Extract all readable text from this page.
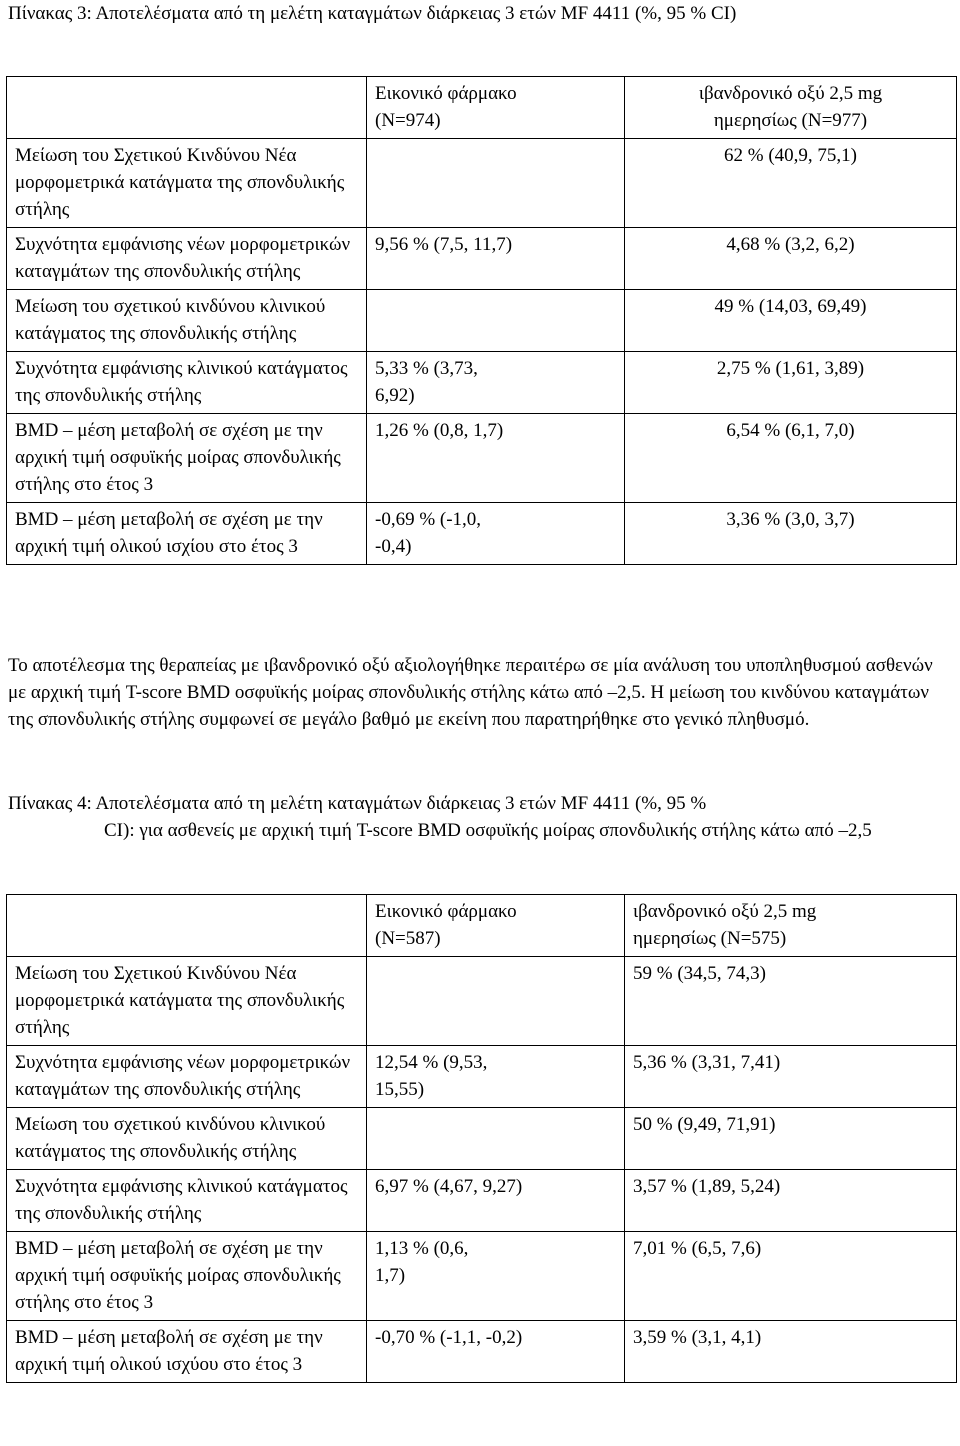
Πίνακας 3: Αποτελέσματα από τη μελέτη καταγμάτων διάρκειας 3 ετών MF 4411 (%, 95 % CI)

	Εικονικό φάρμακο (N=974)	ιβανδρονικό οξύ 2,5 mg ημερησίως (N=977)
Μείωση του Σχετικού Κινδύνου Νέα μορφομετρικά κατάγματα της σπονδυλικής στήλης		62 % (40,9, 75,1)
Συχνότητα εμφάνισης νέων μορφομετρικών καταγμάτων της σπονδυλικής στήλης	9,56 % (7,5, 11,7)	4,68 % (3,2, 6,2)
Μείωση του σχετικού κινδύνου κλινικού κατάγματος της σπονδυλικής στήλης		49 % (14,03, 69,49)
Συχνότητα εμφάνισης κλινικού κατάγματος της σπονδυλικής στήλης	5,33 % (3,73, 6,92)	2,75 % (1,61, 3,89)
BMD – μέση μεταβολή σε σχέση με την αρχική τιμή οσφυϊκής μοίρας σπονδυλικής στήλης στο έτος 3	1,26 % (0,8, 1,7)	6,54 % (6,1, 7,0)
BMD – μέση μεταβολή σε σχέση με την αρχική τιμή ολικού ισχίου στο έτος 3	-0,69 % (-1,0, -0,4)	3,36 % (3,0, 3,7)

Το αποτέλεσμα της θεραπείας με ιβανδρονικό οξύ αξιολογήθηκε περαιτέρω σε μία ανάλυση του υποπληθυσμού ασθενών με αρχική τιμή T-score BMD οσφυϊκής μοίρας σπονδυλικής στήλης κάτω από –2,5. Η μείωση του κινδύνου καταγμάτων της σπονδυλικής στήλης συμφωνεί σε μεγάλο βαθμό με εκείνη που παρατηρήθηκε στο γενικό πληθυσμό.

Πίνακας 4: Αποτελέσματα από τη μελέτη καταγμάτων διάρκειας 3 ετών MF 4411 (%, 95 %
CI): για ασθενείς με αρχική τιμή T-score BMD οσφυϊκής μοίρας σπονδυλικής στήλης κάτω από –2,5

	Εικονικό φάρμακο (N=587)	ιβανδρονικό οξύ 2,5 mg ημερησίως (N=575)
Μείωση του Σχετικού Κινδύνου Νέα μορφομετρικά κατάγματα της σπονδυλικής στήλης		59 % (34,5, 74,3)
Συχνότητα εμφάνισης νέων μορφομετρικών καταγμάτων της σπονδυλικής στήλης	12,54 % (9,53, 15,55)	5,36 % (3,31, 7,41)
Μείωση του σχετικού κινδύνου κλινικού κατάγματος της σπονδυλικής στήλης		50 % (9,49, 71,91)
Συχνότητα εμφάνισης κλινικού κατάγματος της σπονδυλικής στήλης	6,97 % (4,67, 9,27)	3,57 % (1,89, 5,24)
BMD – μέση μεταβολή σε σχέση με την αρχική τιμή οσφυϊκής μοίρας σπονδυλικής στήλης στο έτος 3	1,13 % (0,6, 1,7)	7,01 % (6,5, 7,6)
BMD – μέση μεταβολή σε σχέση με την αρχική τιμή ολικού ισχύου στο έτος 3	-0,70 % (-1,1, -0,2)	3,59 % (3,1, 4,1)
